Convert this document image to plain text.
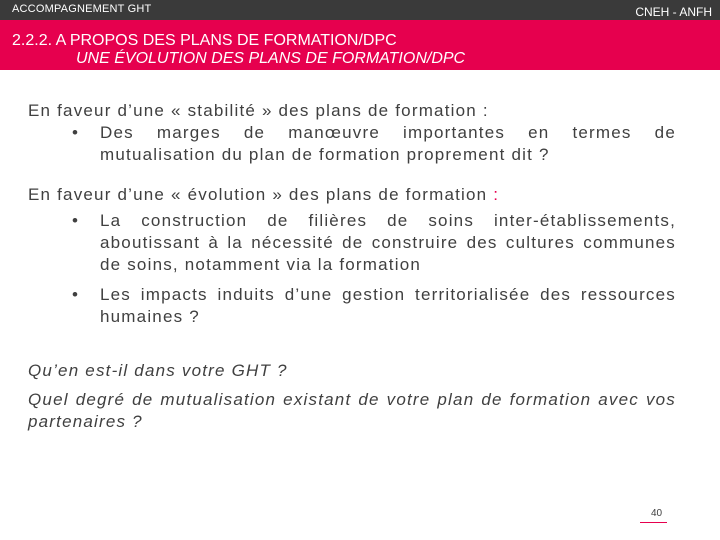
ACCOMPAGNEMENT GHT	CNEH - ANFH
2.2.2. A PROPOS DES PLANS DE FORMATION/DPC
UNE ÉVOLUTION DES PLANS DE FORMATION/DPC

En faveur d’une « stabilité » des plans de formation :

• Des marges de manœuvre importantes en termes de mutualisation du plan de formation proprement dit ?

En faveur d’une « évolution » des plans de formation :

• La construction de filières de soins inter-établissements, aboutissant à la nécessité de construire des cultures communes de soins, notamment via la formation
• Les impacts induits d’une gestion territorialisée des ressources humaines ?
Qu’en est-il dans votre GHT ?
Quel degré de mutualisation existant de votre plan de formation avec vos partenaires ?
40
